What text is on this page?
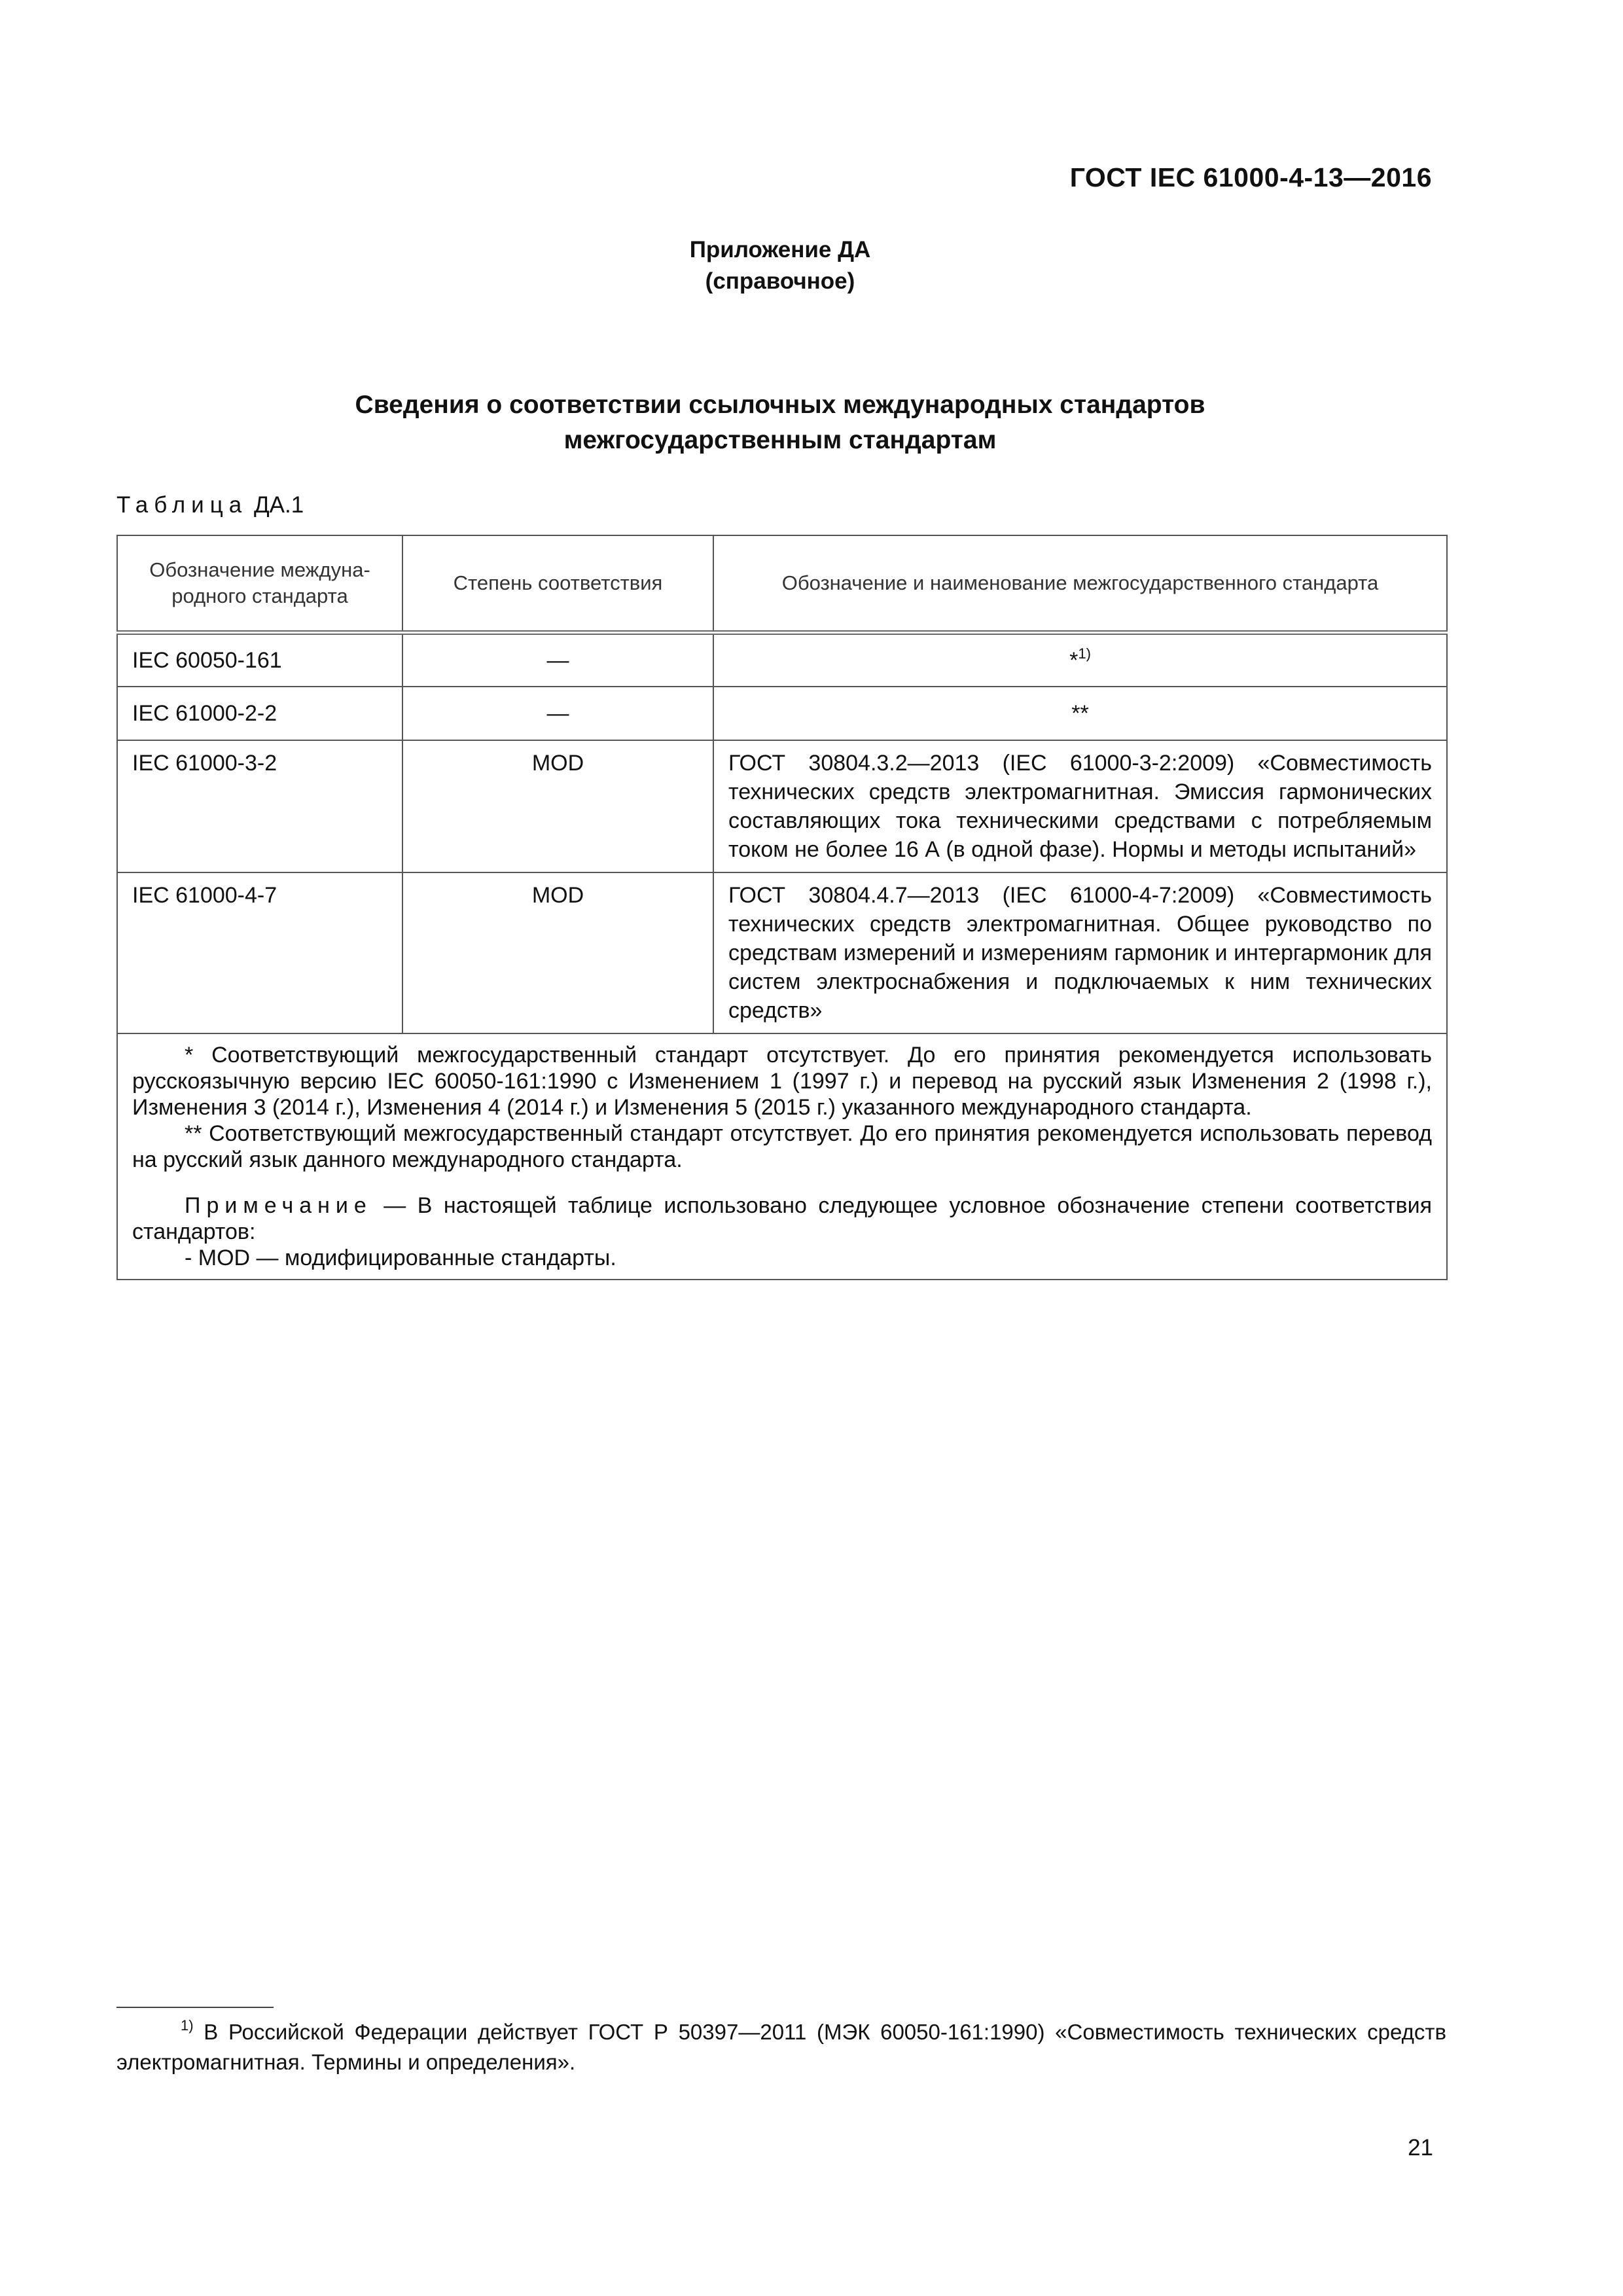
ГОСТ IEC 61000-4-13—2016
Приложение ДА
(справочное)
Сведения о соответствии ссылочных международных стандартов
межгосударственным стандартам
Таблица ДА.1
Обозначение междуна-родного стандарта	Степень соответствия	Обозначение и наименование межгосударственного стандарта
IEC 60050-161	—	*$^{1)}$
IEC 61000-2-2	—	**
IEC 61000-3-2	MOD	ГОСТ 30804.3.2—2013 (IEC 61000-3-2:2009) «Совместимость технических средств электромагнитная. Эмиссия гармонических составляющих тока техническими средствами с потребляемым током не более 16 А (в одной фазе). Нормы и методы испытаний»
IEC 61000-4-7	MOD	ГОСТ 30804.4.7—2013 (IEC 61000-4-7:2009) «Совместимость технических средств электромагнитная. Общее руководство по средствам измерений и измерениям гармоник и интергармоник для систем электроснабжения и подключаемых к ним технических средств»

* Соответствующий межгосударственный стандарт отсутствует. До его принятия рекомендуется использовать русскоязычную версию IEC 60050-161:1990 с Изменением 1 (1997 г.) и перевод на русский язык Изменения 2 (1998 г.), Изменения 3 (2014 г.), Изменения 4 (2014 г.) и Изменения 5 (2015 г.) указанного международного стандарта.

** Соответствующий межгосударственный стандарт отсутствует. До его принятия рекомендуется использовать перевод на русский язык данного международного стандарта.

Примечание — В настоящей таблице использовано следующее условное обозначение степени соответствия стандартов:

- MOD — модифицированные стандарты.		

$^{1)}$ В Российской Федерации действует ГОСТ Р 50397—2011 (МЭК 60050-161:1990) «Совместимость технических средств электромагнитная. Термины и определения».
21
